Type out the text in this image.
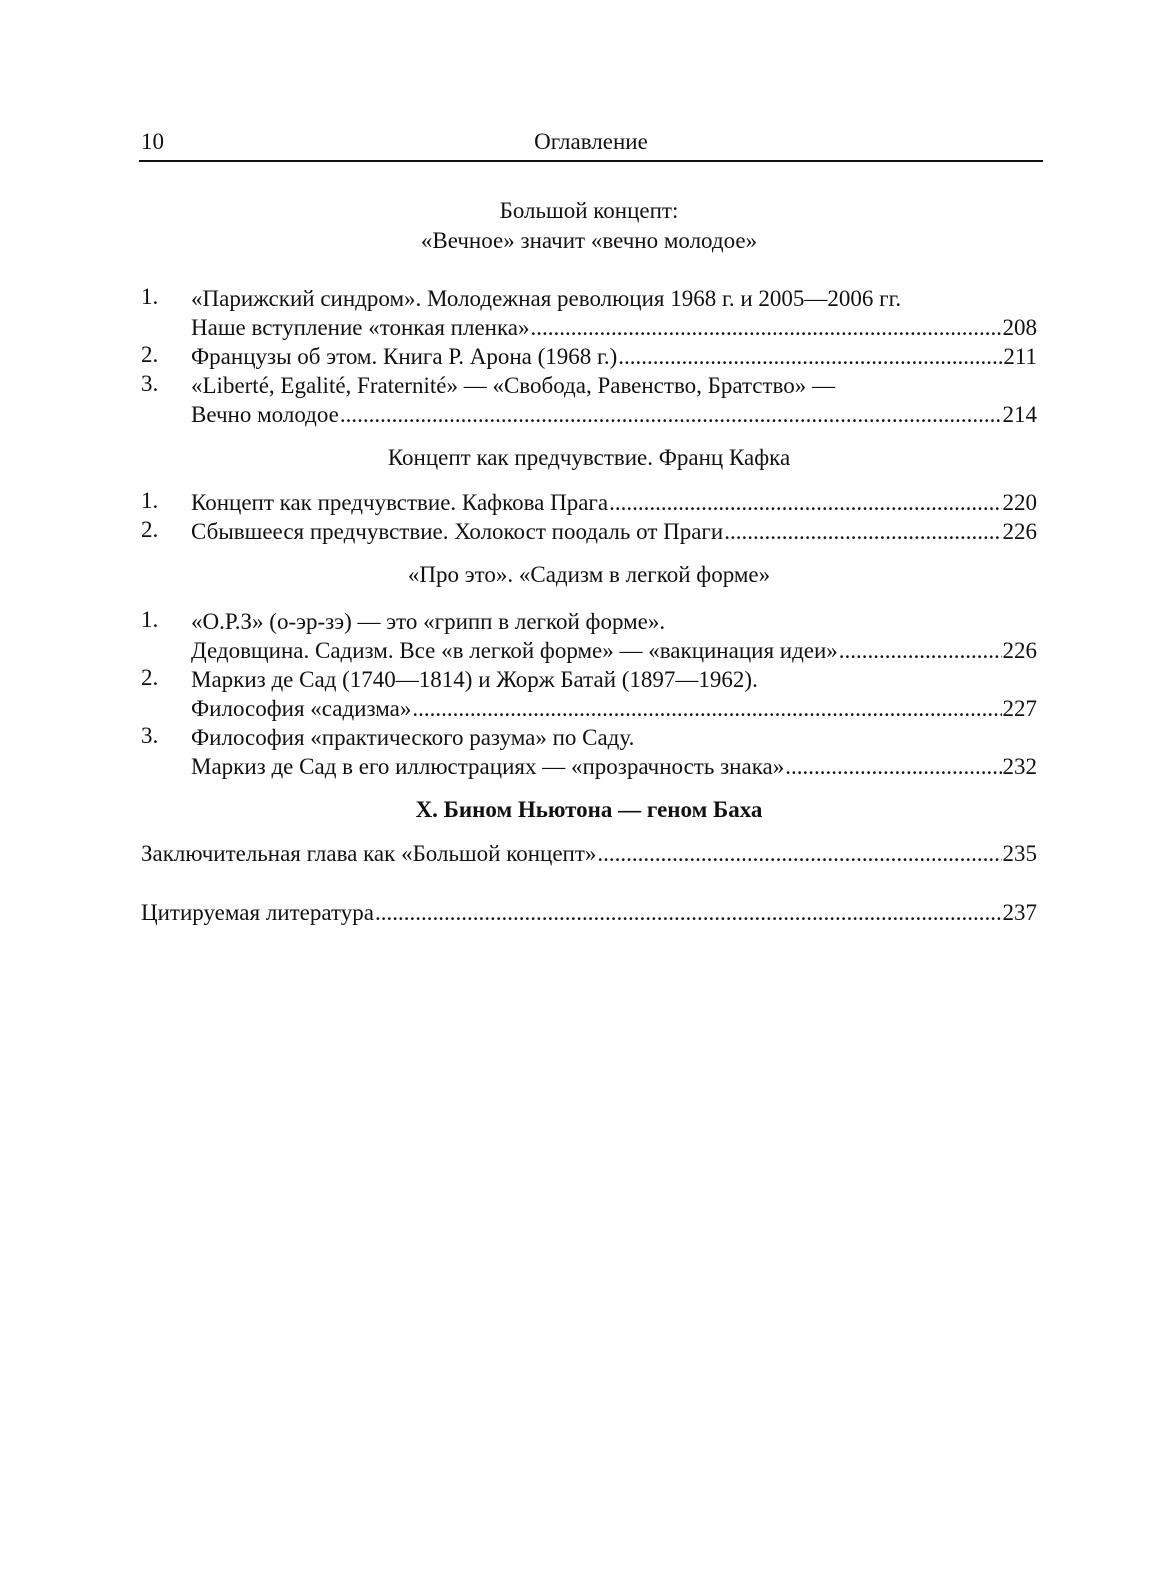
10	Оглавление

Большой концепт:

«Вечное» значит «вечно молодое»

1. «Парижский синдром». Молодежная революция 1968 г. и 2005—2006 гг.
Наше вступление «тонкая пленка» .....	208
2. Французы об этом. Книга Р. Арона (1968 г.) .....	211
3. «Liberté, Egalité, Fraternité» — «Свобода, Равенство, Братство» —
Вечно молодое .....	214

Концепт как предчувствие. Франц Кафка

1. Концепт как предчувствие. Кафкова Прага .....	220
2. Сбывшееся предчувствие. Холокост поодаль от Праги .....	226

«Про это». «Садизм в легкой форме»

1. «О.Р.З» (о-эр-зэ) — это «грипп в легкой форме».
Дедовщина. Садизм. Все «в легкой форме» — «вакцинация идеи» .....	226
2. Маркиз де Сад (1740—1814) и Жорж Батай (1897—1962).
Философия «садизма» .....	227
3. Философия «практического разума» по Саду.
Маркиз де Сад в его иллюстрациях — «прозрачность знака» .....	232

X. Бином Ньютона — геном Баха

Заключительная глава как «Большой концепт» .....	235
Цитируемая литература .....	237
